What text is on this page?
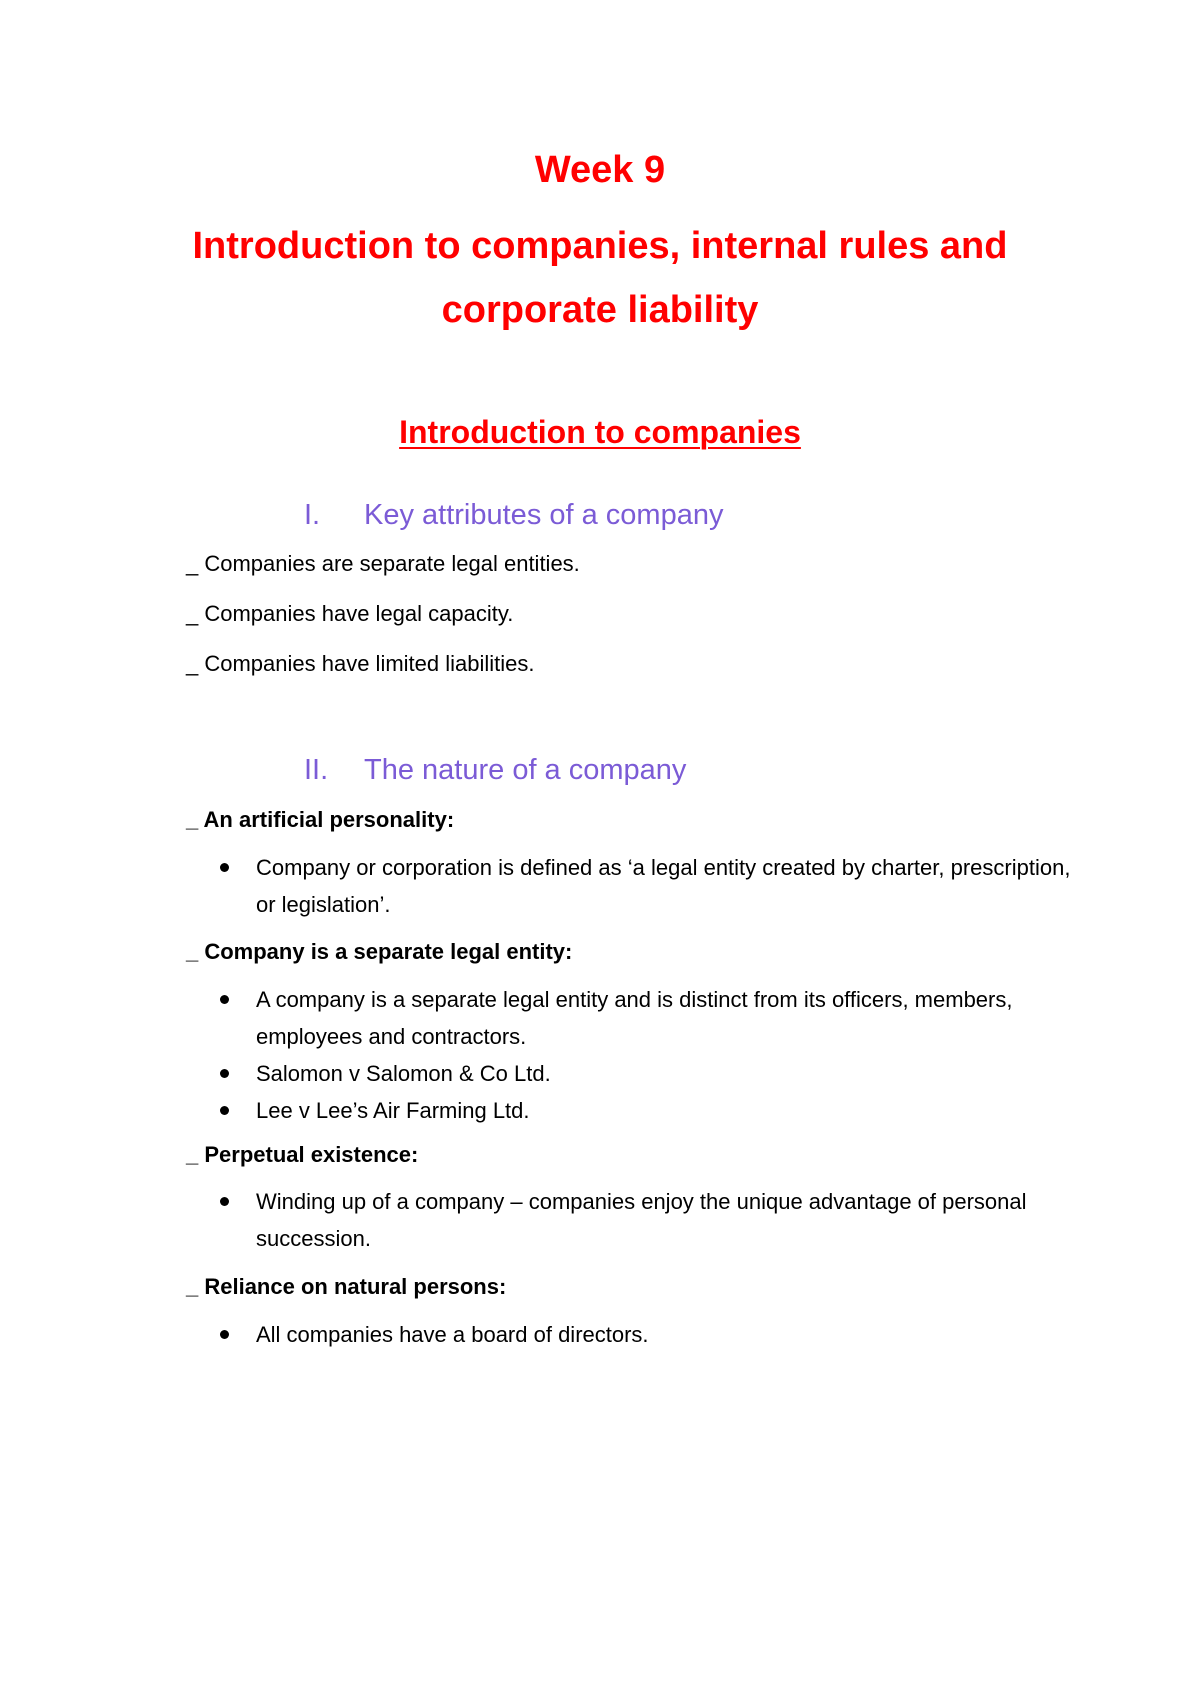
Week 9
Introduction to companies, internal rules and corporate liability
Introduction to companies
I.	Key attributes of a company
_ Companies are separate legal entities.
_ Companies have legal capacity.
_ Companies have limited liabilities.
II.	The nature of a company
_ An artificial personality:
Company or corporation is defined as ‘a legal entity created by charter, prescription, or legislation’.
_ Company is a separate legal entity:
A company is a separate legal entity and is distinct from its officers, members, employees and contractors.
Salomon v Salomon & Co Ltd.
Lee v Lee’s Air Farming Ltd.
_ Perpetual existence:
Winding up of a company – companies enjoy the unique advantage of personal succession.
_ Reliance on natural persons:
All companies have a board of directors.
